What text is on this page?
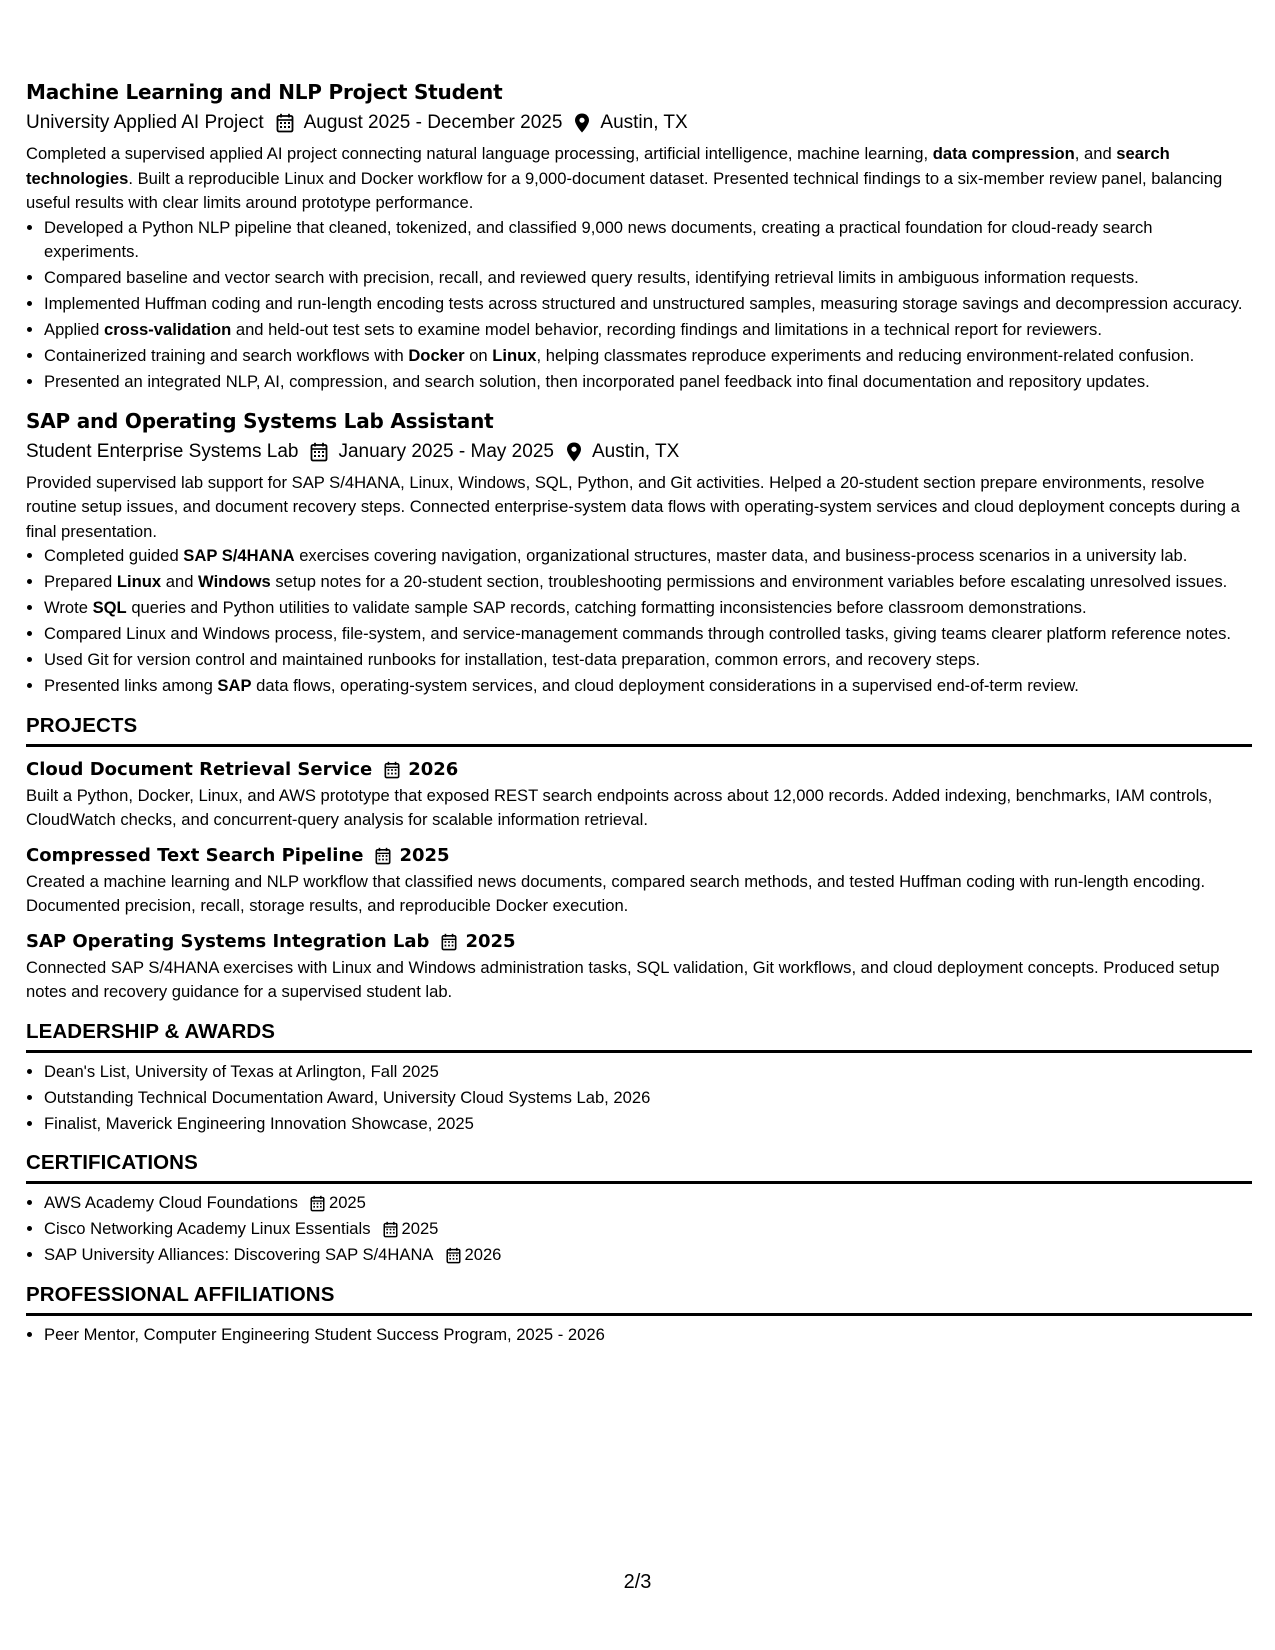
Machine Learning and NLP Project Student
University Applied AI Project August 2025 - December 2025 Austin, TX

Completed a supervised applied AI project connecting natural language processing, artificial intelligence, machine learning, data compression, and search technologies. Built a reproducible Linux and Docker workflow for a 9,000-document dataset. Presented technical findings to a six-member review panel, balancing useful results with clear limits around prototype performance.

• Developed a Python NLP pipeline that cleaned, tokenized, and classified 9,000 news documents, creating a practical foundation for cloud-ready search experiments.
• Compared baseline and vector search with precision, recall, and reviewed query results, identifying retrieval limits in ambiguous information requests.
• Implemented Huffman coding and run-length encoding tests across structured and unstructured samples, measuring storage savings and decompression accuracy.
• Applied cross-validation and held-out test sets to examine model behavior, recording findings and limitations in a technical report for reviewers.
• Containerized training and search workflows with Docker on Linux, helping classmates reproduce experiments and reducing environment-related confusion.
• Presented an integrated NLP, AI, compression, and search solution, then incorporated panel feedback into final documentation and repository updates.
SAP and Operating Systems Lab Assistant
Student Enterprise Systems Lab January 2025 - May 2025 Austin, TX

Provided supervised lab support for SAP S/4HANA, Linux, Windows, SQL, Python, and Git activities. Helped a 20-student section prepare environments, resolve routine setup issues, and document recovery steps. Connected enterprise-system data flows with operating-system services and cloud deployment concepts during a final presentation.

• Completed guided SAP S/4HANA exercises covering navigation, organizational structures, master data, and business-process scenarios in a university lab.
• Prepared Linux and Windows setup notes for a 20-student section, troubleshooting permissions and environment variables before escalating unresolved issues.
• Wrote SQL queries and Python utilities to validate sample SAP records, catching formatting inconsistencies before classroom demonstrations.
• Compared Linux and Windows process, file-system, and service-management commands through controlled tasks, giving teams clearer platform reference notes.
• Used Git for version control and maintained runbooks for installation, test-data preparation, common errors, and recovery steps.
• Presented links among SAP data flows, operating-system services, and cloud deployment considerations in a supervised end-of-term review.
PROJECTS
Cloud Document Retrieval Service 2026

Built a Python, Docker, Linux, and AWS prototype that exposed REST search endpoints across about 12,000 records. Added indexing, benchmarks, IAM controls, CloudWatch checks, and concurrent-query analysis for scalable information retrieval.

Compressed Text Search Pipeline 2025

Created a machine learning and NLP workflow that classified news documents, compared search methods, and tested Huffman coding with run-length encoding. Documented precision, recall, storage results, and reproducible Docker execution.

SAP Operating Systems Integration Lab 2025

Connected SAP S/4HANA exercises with Linux and Windows administration tasks, SQL validation, Git workflows, and cloud deployment concepts. Produced setup notes and recovery guidance for a supervised student lab.

LEADERSHIP & AWARDS
• Dean's List, University of Texas at Arlington, Fall 2025
• Outstanding Technical Documentation Award, University Cloud Systems Lab, 2026
• Finalist, Maverick Engineering Innovation Showcase, 2025
CERTIFICATIONS
• AWS Academy Cloud Foundations 2025
• Cisco Networking Academy Linux Essentials 2025
• SAP University Alliances: Discovering SAP S/4HANA 2026
PROFESSIONAL AFFILIATIONS
• Peer Mentor, Computer Engineering Student Success Program, 2025 - 2026
2/3
